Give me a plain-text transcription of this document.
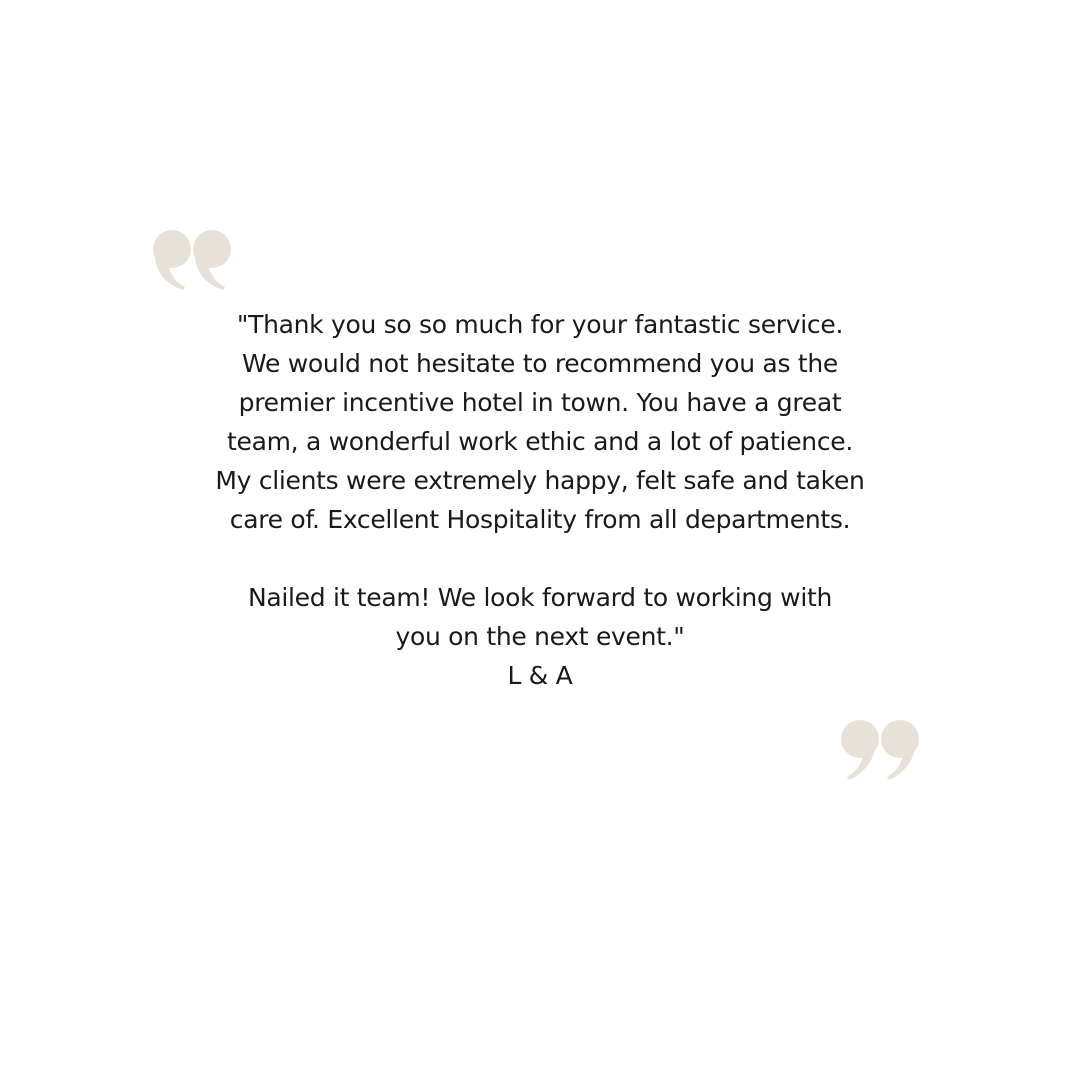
"Thank you so so much for your fantastic service.
We would not hesitate to recommend you as the
premier incentive hotel in town. You have a great
team, a wonderful work ethic and a lot of patience.
My clients were extremely happy, felt safe and taken
care of. Excellent Hospitality from all departments.
Nailed it team! We look forward to working with
you on the next event."
L & A
